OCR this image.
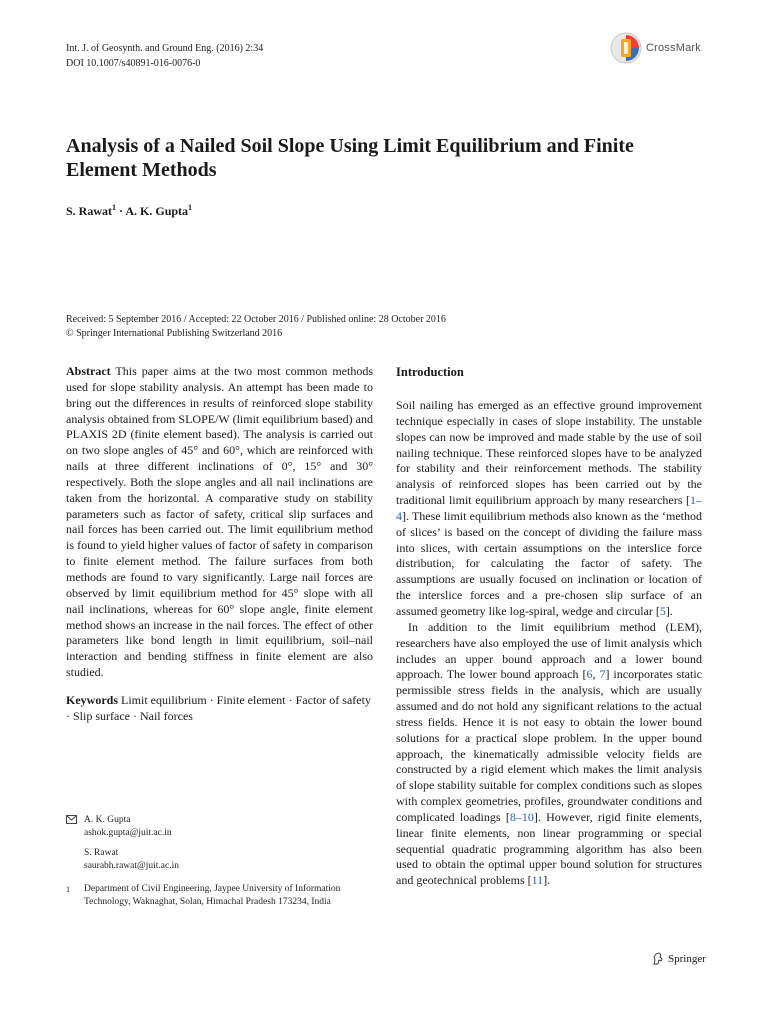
Int. J. of Geosynth. and Ground Eng. (2016) 2:34
DOI 10.1007/s40891-016-0076-0
CrossMark
Analysis of a Nailed Soil Slope Using Limit Equilibrium and Finite Element Methods
S. Rawat$^1$ · A. K. Gupta$^1$
Received: 5 September 2016 / Accepted: 22 October 2016 / Published online: 28 October 2016
© Springer International Publishing Switzerland 2016

Abstract This paper aims at the two most common methods used for slope stability analysis. An attempt has been made to bring out the differences in results of reinforced slope stability analysis obtained from SLOPE/W (limit equilibrium based) and PLAXIS 2D (finite element based). The analysis is carried out on two slope angles of 45° and 60°, which are reinforced with nails at three different inclinations of 0°, 15° and 30° respectively. Both the slope angles and all nail inclinations are taken from the horizontal. A comparative study on stability parameters such as factor of safety, critical slip surfaces and nail forces has been carried out. The limit equilibrium method is found to yield higher values of factor of safety in comparison to finite element method. The failure surfaces from both methods are found to vary significantly. Large nail forces are observed by limit equilibrium method for 45° slope with all nail inclinations, whereas for 60° slope angle, finite element method shows an increase in the nail forces. The effect of other parameters like bond length in limit equilibrium, soil–nail interaction and bending stiffness in finite element are also studied.

Keywords Limit equilibrium · Finite element · Factor of safety · Slip surface · Nail forces

A. K. Gupta
ashok.gupta@juit.ac.in
S. Rawat
saurabh.rawat@juit.ac.in
1 Department of Civil Engineering, Jaypee University of Information Technology, Waknaghat, Solan, Himachal Pradesh 173234, India
Introduction

Soil nailing has emerged as an effective ground improvement technique especially in cases of slope instability. The unstable slopes can now be improved and made stable by the use of soil nailing technique. These reinforced slopes have to be analyzed for stability and their reinforcement methods. The stability analysis of reinforced slopes has been carried out by the traditional limit equilibrium approach by many researchers [1–4]. These limit equilibrium methods also known as the ‘method of slices’ is based on the concept of dividing the failure mass into slices, with certain assumptions on the interslice force distribution, for calculating the factor of safety. The assumptions are usually focused on inclination or location of the interslice forces and a pre-chosen slip surface of an assumed geometry like log-spiral, wedge and circular [5].

In addition to the limit equilibrium method (LEM), researchers have also employed the use of limit analysis which includes an upper bound approach and a lower bound approach. The lower bound approach [6, 7] incorporates static permissible stress fields in the analysis, which are usually assumed and do not hold any significant relations to the actual stress fields. Hence it is not easy to obtain the lower bound solutions for a practical slope problem. In the upper bound approach, the kinematically admissible velocity fields are constructed by a rigid element which makes the limit analysis of slope stability suitable for complex conditions such as slopes with complex geometries, profiles, groundwater conditions and complicated loadings [8–10]. However, rigid finite elements, linear finite elements, non linear programming or special sequential quadratic programming algorithm has also been used to obtain the optimal upper bound solution for structures and geotechnical problems [11].

Springer
